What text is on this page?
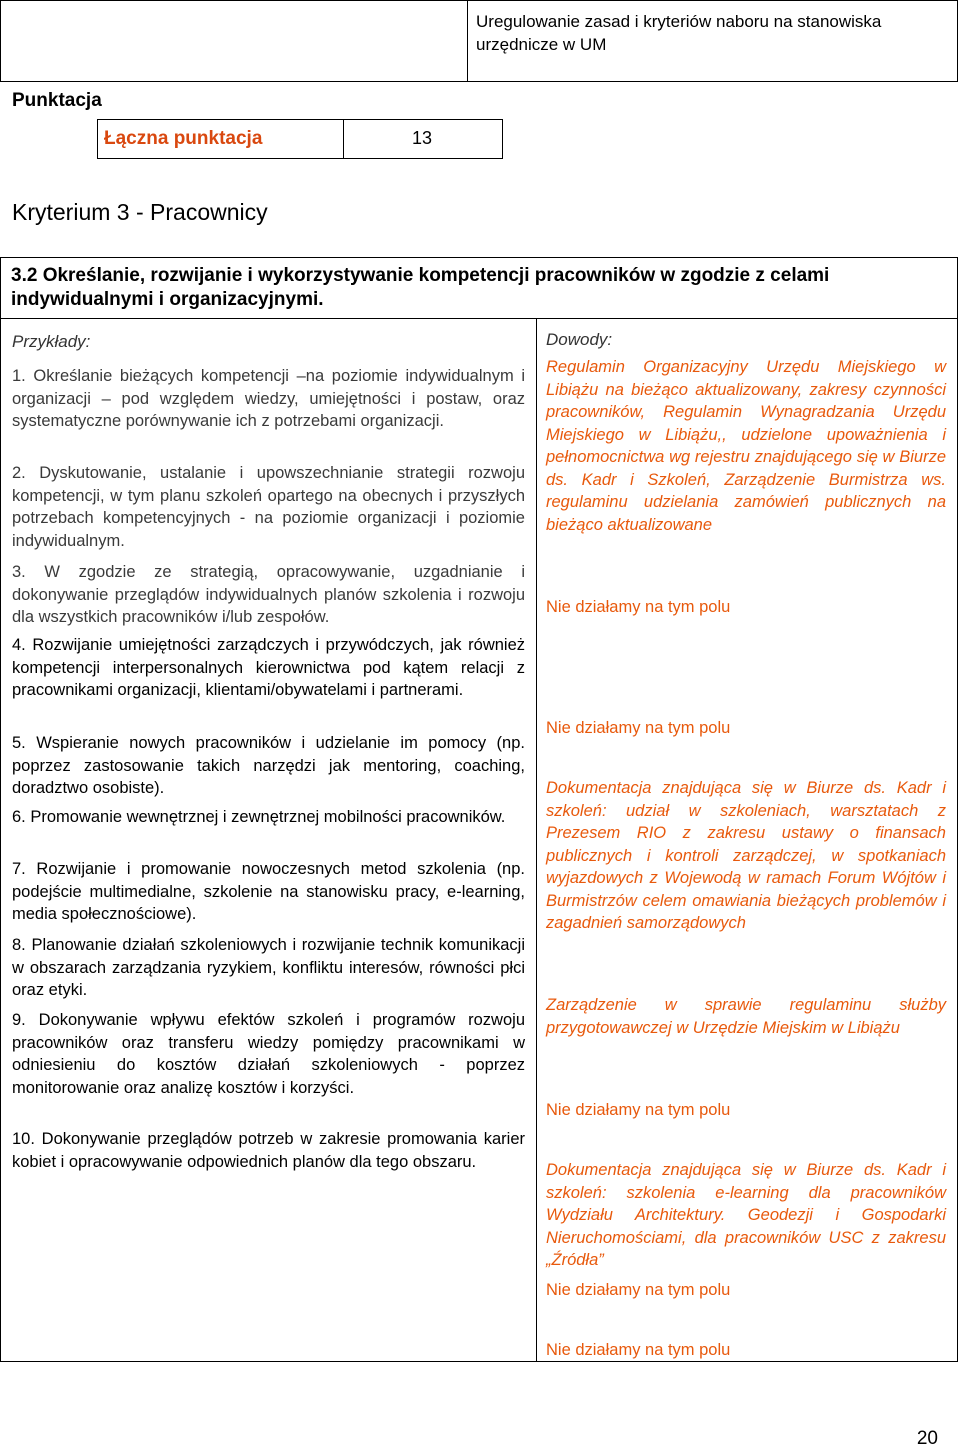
Uregulowanie zasad i kryteriów naboru na stanowiska urzędnicze w UM
Punktacja
Łączna punktacja	13
Kryterium 3 - Pracownicy
3.2 Określanie, rozwijanie i wykorzystywanie kompetencji pracowników w zgodzie z celami indywidualnymi i organizacyjnymi.
Przykłady:	Dowody:
1. Określanie bieżących kompetencji –na poziomie indywidualnym i organizacji – pod względem wiedzy, umiejętności i postaw, oraz systematyczne porównywanie ich z potrzebami organizacji.
2. Dyskutowanie, ustalanie i upowszechnianie strategii rozwoju kompetencji, w tym planu szkoleń opartego na obecnych i przyszłych potrzebach kompetencyjnych - na poziomie organizacji i poziomie indywidualnym.
3. W zgodzie ze strategią, opracowywanie, uzgadnianie i dokonywanie przeglądów indywidualnych planów szkolenia i rozwoju dla wszystkich pracowników i/lub zespołów.
4. Rozwijanie umiejętności zarządczych i przywódczych, jak również kompetencji interpersonalnych kierownictwa pod kątem relacji z pracownikami organizacji, klientami/obywatelami i partnerami.
5. Wspieranie nowych pracowników i udzielanie im pomocy (np. poprzez zastosowanie takich narzędzi jak mentoring, coaching, doradztwo osobiste).
6. Promowanie wewnętrznej i zewnętrznej mobilności pracowników.
7. Rozwijanie i promowanie nowoczesnych metod szkolenia (np. podejście multimedialne, szkolenie na stanowisku pracy, e-learning, media społecznościowe).
8. Planowanie działań szkoleniowych i rozwijanie technik komunikacji w obszarach zarządzania ryzykiem, konfliktu interesów, równości płci oraz etyki.
9. Dokonywanie wpływu efektów szkoleń i programów rozwoju pracowników oraz transferu wiedzy pomiędzy pracownikami w odniesieniu do kosztów działań szkoleniowych - poprzez monitorowanie oraz analizę kosztów i korzyści.
10. Dokonywanie przeglądów potrzeb w zakresie promowania karier kobiet i opracowywanie odpowiednich planów dla tego obszaru.
Regulamin Organizacyjny Urzędu Miejskiego w Libiążu na bieżąco aktualizowany, zakresy czynności pracowników, Regulamin Wynagradzania Urzędu Miejskiego w Libiążu,, udzielone upoważnienia i pełnomocnictwa wg rejestru znajdującego się w Biurze ds. Kadr i Szkoleń, Zarządzenie Burmistrza ws. regulaminu udzielania zamówień publicznych na bieżąco aktualizowane
Nie działamy na tym polu
Nie działamy na tym polu
Dokumentacja znajdująca się w Biurze ds. Kadr i szkoleń: udział w szkoleniach, warsztatach z Prezesem RIO z zakresu ustawy o finansach publicznych i kontroli zarządczej, w spotkaniach wyjazdowych z Wojewodą w ramach Forum Wójtów i Burmistrzów celem omawiania bieżących problemów i zagadnień samorządowych
Zarządzenie w sprawie regulaminu służby przygotowawczej w Urzędzie Miejskim w Libiążu
Nie działamy na tym polu
Dokumentacja znajdująca się w Biurze ds. Kadr i szkoleń: szkolenia e-learning dla pracowników Wydziału Architektury. Geodezji i Gospodarki Nieruchomościami, dla pracowników USC z zakresu „Źródła”
Nie działamy na tym polu
Nie działamy na tym polu
20
